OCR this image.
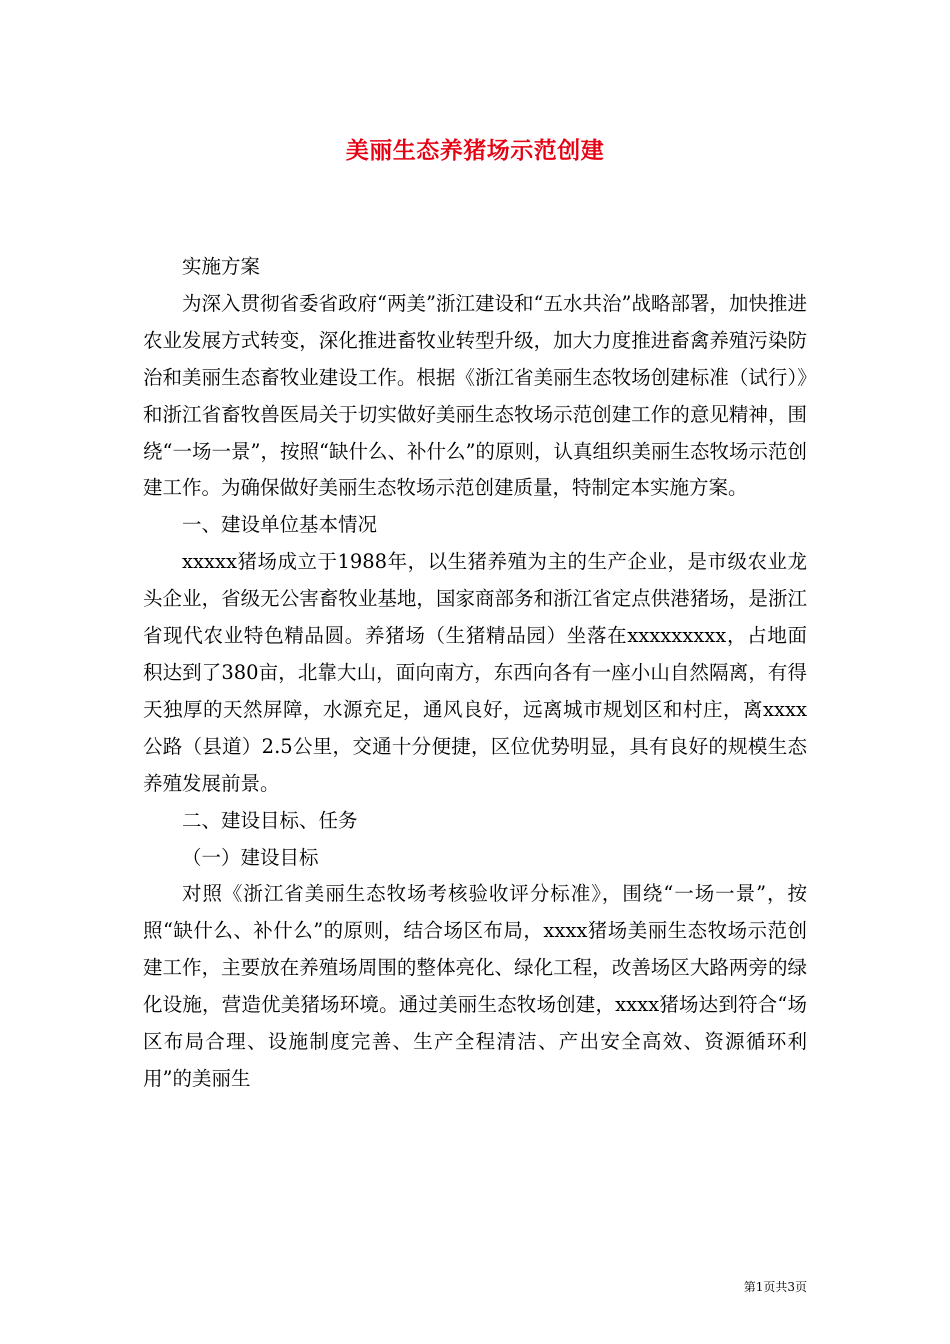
美丽生态养猪场示范创建

实施方案

为深入贯彻省委省政府“两美”浙江建设和“五水共治”战略部署，加快推进农业发展方式转变，深化推进畜牧业转型升级，加大力度推进畜禽养殖污染防治和美丽生态畜牧业建设工作。根据《浙江省美丽生态牧场创建标准（试行）》和浙江省畜牧兽医局关于切实做好美丽生态牧场示范创建工作的意见精神，围绕“一场一景”，按照“缺什么、补什么”的原则，认真组织美丽生态牧场示范创建工作。为确保做好美丽生态牧场示范创建质量，特制定本实施方案。

一、建设单位基本情况

xxxxx猪场成立于1988年，以生猪养殖为主的生产企业，是市级农业龙头企业，省级无公害畜牧业基地，国家商部务和浙江省定点供港猪场，是浙江省现代农业特色精品圆。养猪场（生猪精品园）坐落在xxxxxxxxx，占地面积达到了380亩，北靠大山，面向南方，东西向各有一座小山自然隔离，有得天独厚的天然屏障，水源充足，通风良好，远离城市规划区和村庄，离xxxx公路（县道）2.5公里，交通十分便捷，区位优势明显，具有良好的规模生态养殖发展前景。

二、建设目标、任务

（一）建设目标

对照《浙江省美丽生态牧场考核验收评分标准》，围绕“一场一景”，按照“缺什么、补什么”的原则，结合场区布局，xxxx猪场美丽生态牧场示范创建工作，主要放在养殖场周围的整体亮化、绿化工程，改善场区大路两旁的绿化设施，营造优美猪场环境。通过美丽生态牧场创建，xxxx猪场达到符合“场区布局合理、设施制度完善、生产全程清洁、产出安全高效、资源循环利用”的美丽生

第1页共3页
